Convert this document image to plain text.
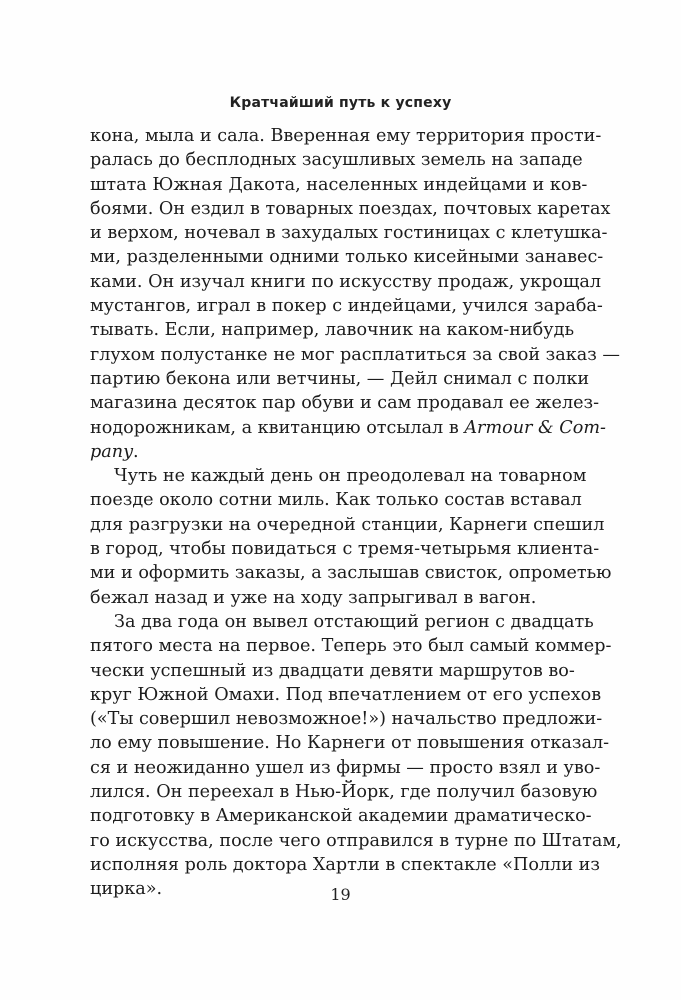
Кратчайший путь к успеху
кона, мыла и сала. Вверенная ему территория прости-
ралась до бесплодных засушливых земель на западе
штата Южная Дакота, населенных индейцами и ков-
боями. Он ездил в товарных поездах, почтовых каретах
и верхом, ночевал в захудалых гостиницах с клетушка-
ми, разделенными одними только кисейными занавес-
ками. Он изучал книги по искусству продаж, укрощал
мустангов, играл в покер с индейцами, учился зараба-
тывать. Если, например, лавочник на каком-нибудь
глухом полустанке не мог расплатиться за свой заказ —
партию бекона или ветчины, — Дейл снимал с полки
магазина десяток пар обуви и сам продавал ее желез-
нодорожникам, а квитанцию отсылал в Armour & Com-
pany.
Чуть не каждый день он преодолевал на товарном
поезде около сотни миль. Как только состав вставал
для разгрузки на очередной станции, Карнеги спешил
в город, чтобы повидаться с тремя-четырьмя клиента-
ми и оформить заказы, а заслышав свисток, опрометью
бежал назад и уже на ходу запрыгивал в вагон.
За два года он вывел отстающий регион с двадцать
пятого места на первое. Теперь это был самый коммер-
чески успешный из двадцати девяти маршрутов во-
круг Южной Омахи. Под впечатлением от его успехов
(«Ты совершил невозможное!») начальство предложи-
ло ему повышение. Но Карнеги от повышения отказал-
ся и неожиданно ушел из фирмы — просто взял и уво-
лился. Он переехал в Нью-Йорк, где получил базовую
подготовку в Американской академии драматическо-
го искусства, после чего отправился в турне по Штатам,
исполняя роль доктора Хартли в спектакле «Полли из
цирка».	19
